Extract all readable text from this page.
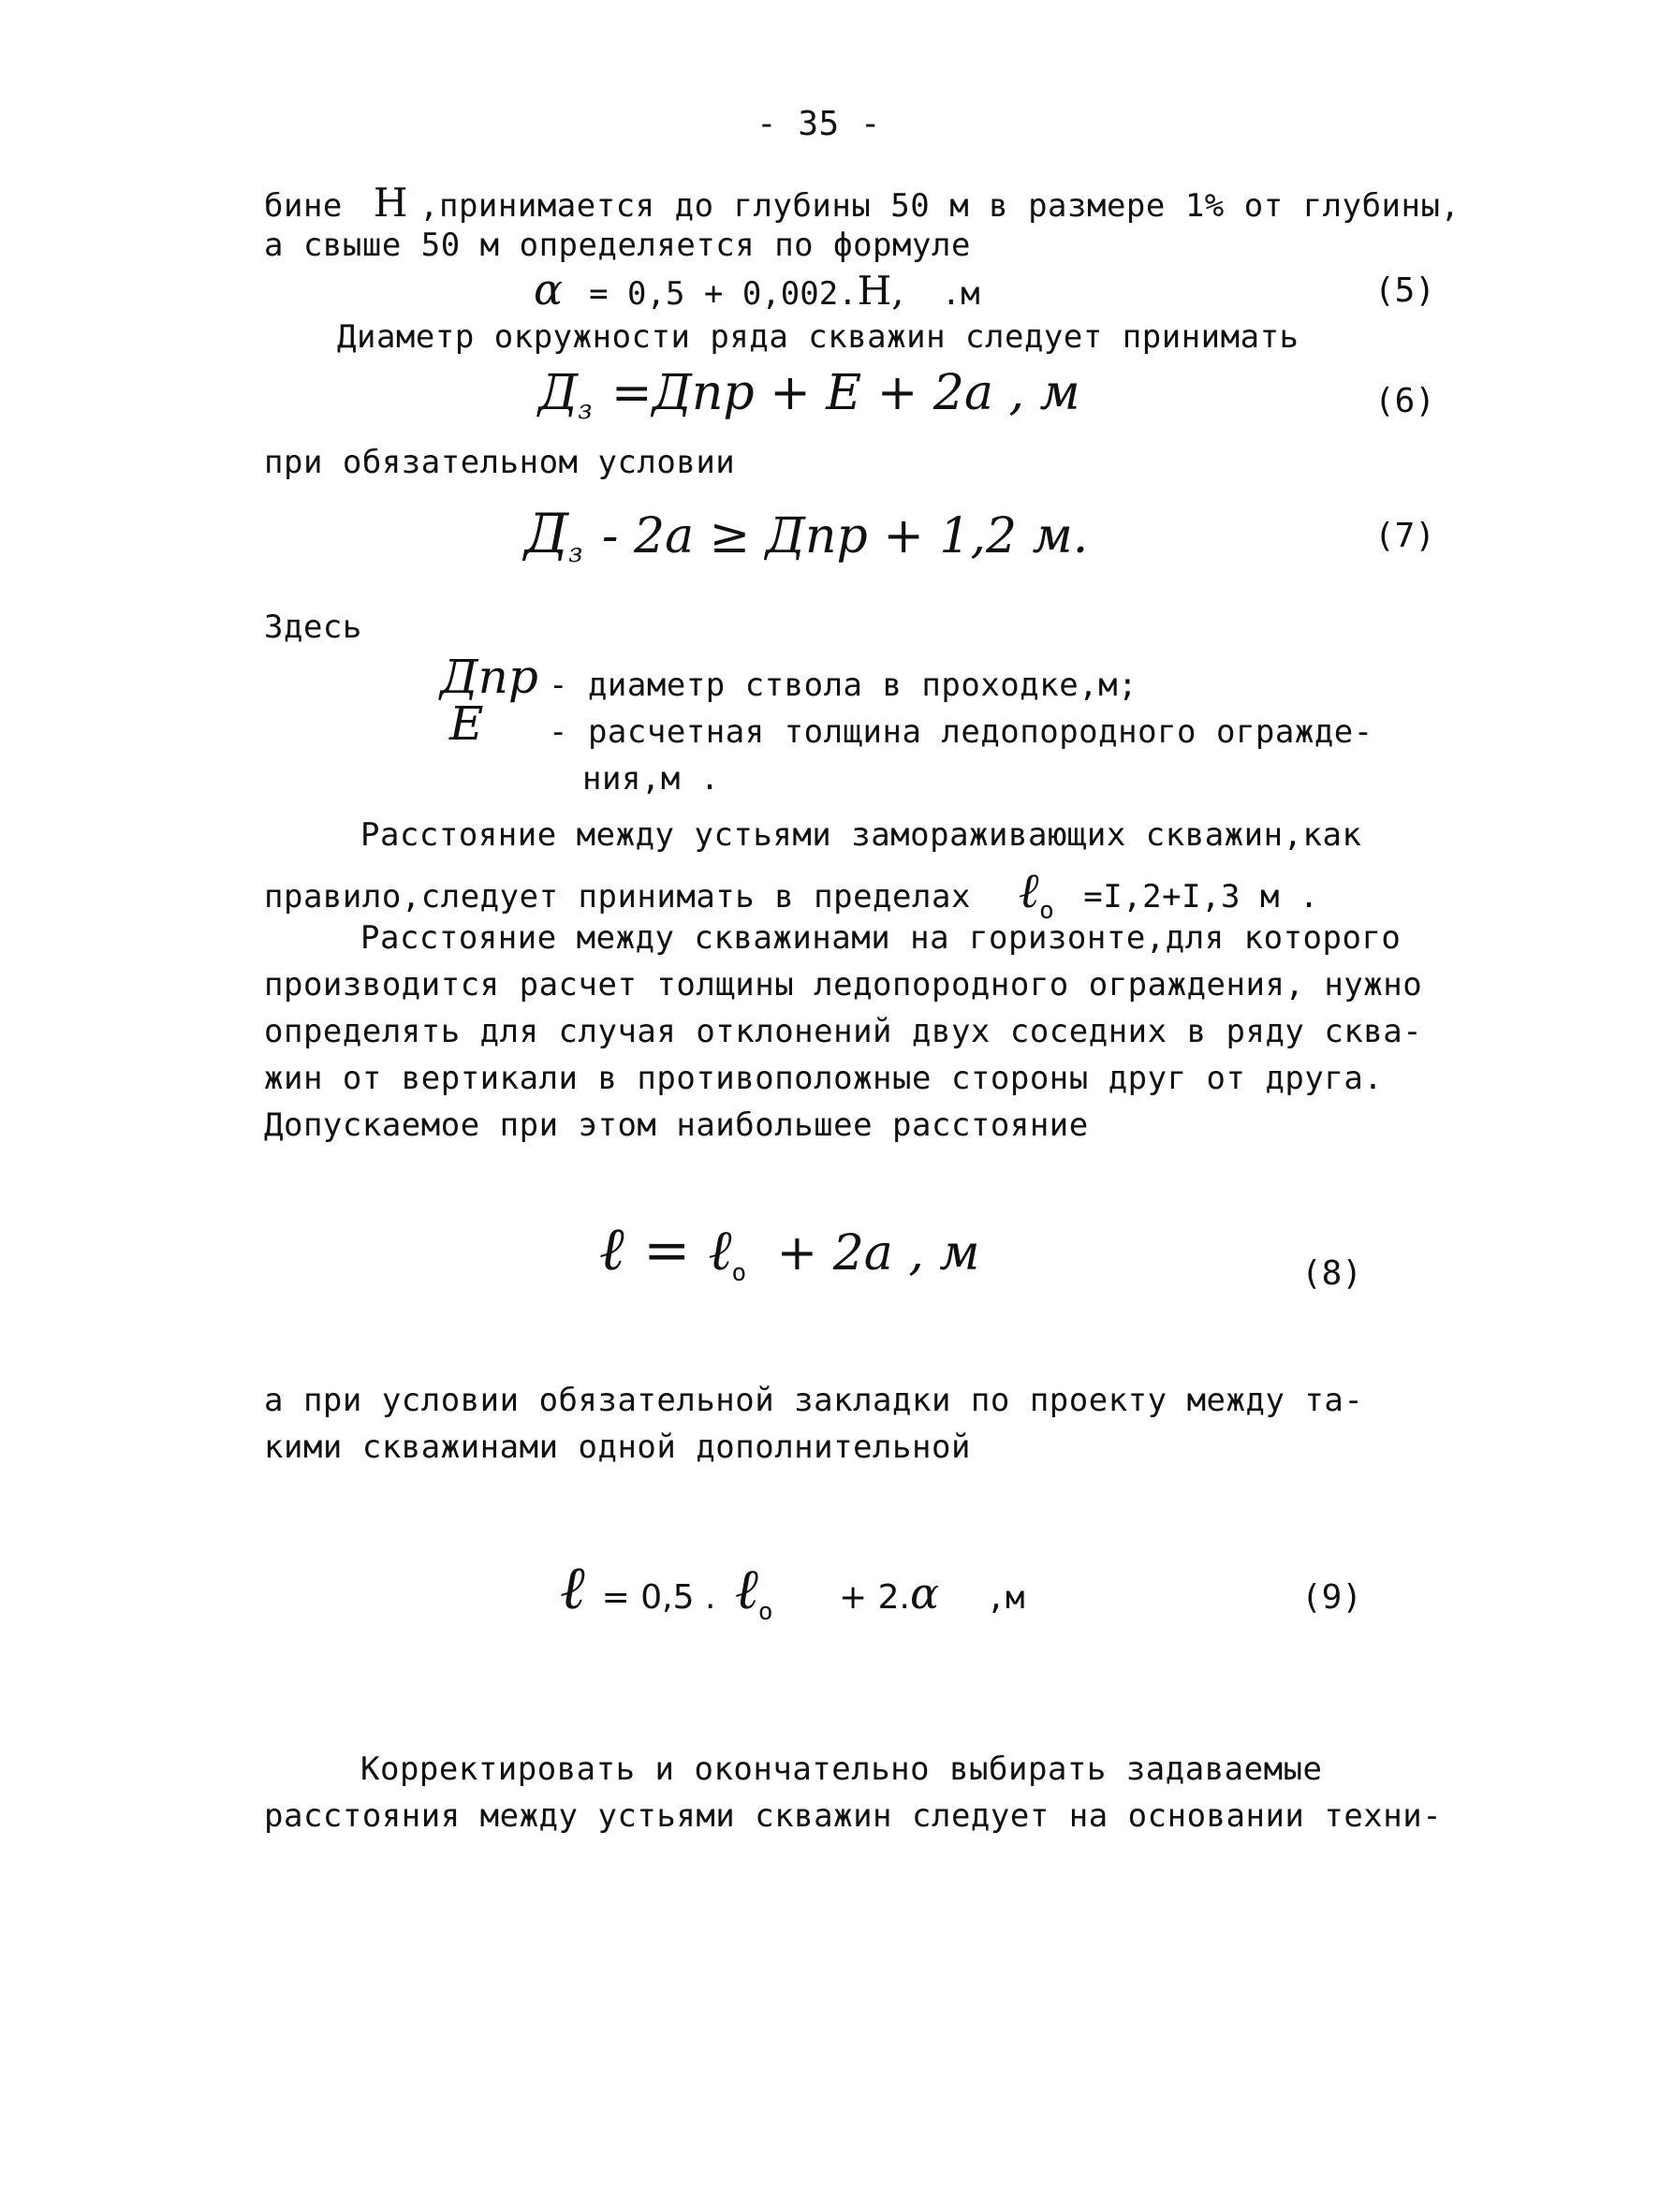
- 35 -
бине H ,принимается до глубины 50 м в размере 1% от глубины,
а свыше 50 м определяется по формуле
α = 0,5 + 0,002.H, .м	(5)
Диаметр окружности ряда скважин следует принимать
$Д_з =Дпр + E + 2a$ , м	(6)
при обязательном условии
$Д_з - 2a$ ≥ Дпр + 1,2 м.	(7)
Здесь
Дпр - диаметр ствола в проходке,м;
E - расчетная толщина ледопородного огражде-
ния,м .
Расстояние между устьями замораживающих скважин,как
правило,следует принимать в пределах ℓ$_o$ =I,2+I,3 м .
Расстояние между скважинами на горизонте,для которого
производится расчет толщины ледопородного ограждения, нужно
определять для случая отклонений двух соседних в ряду сква-
жин от вертикали в противоположные стороны друг от друга.
Допускаемое при этом наибольшее расстояние
ℓ = ℓ$_o$ + 2a , м	(8)
а при условии обязательной закладки по проекту между та-
кими скважинами одной дополнительной
ℓ = 0,5 . ℓ$_o$ + 2.α ,м	(9)
Корректировать и окончательно выбирать задаваемые
расстояния между устьями скважин следует на основании техни-
